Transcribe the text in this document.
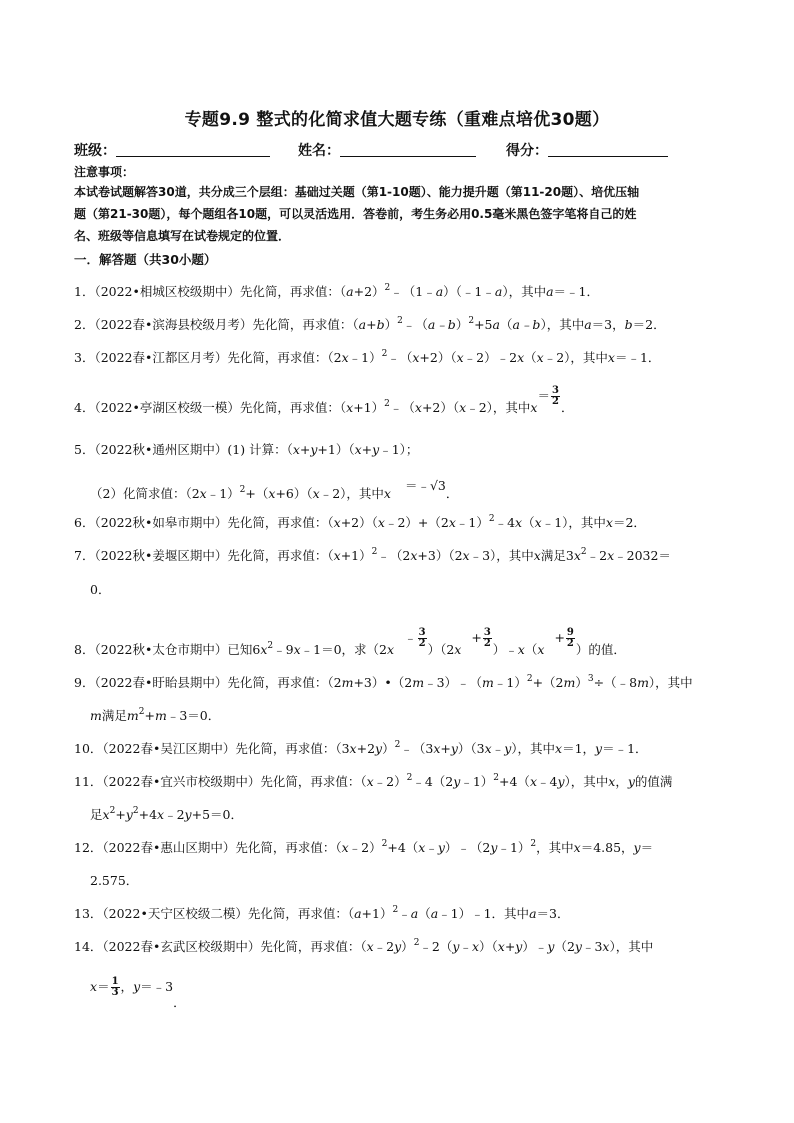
专题9.9 整式的化简求值大题专练（重难点培优30题）
班级：	姓名：	得分：
注意事项：
本试卷试题解答30道，共分成三个层组：基础过关题（第1-10题）、能力提升题（第11-20题）、培优压轴
题（第21-30题），每个题组各10题，可以灵活选用．答卷前，考生务必用0.5毫米黑色签字笔将自己的姓
名、班级等信息填写在试卷规定的位置．
一．解答题（共30小题）
1．（2022•相城区校级期中）先化简，再求值：$(a+2)^2﹣(1﹣a)(﹣1﹣a)$，其中a＝﹣1．
2．（2022春•滨海县校级月考）先化简，再求值：$(a+b)^2﹣(a﹣b)^2+5a(a﹣b)$，其中a＝3，b＝2．
3．（2022春•江都区月考）先化简，再求值：（2x﹣1）$^2$﹣（x+2）（x﹣2）﹣2x（x﹣2），其中x＝﹣1．
4．（2022•亭湖区校级一模）先化简，再求值：$(x+1)^2﹣(x+2)(x﹣2)$，其中$x= \frac{3}{2}$
．
5．（2022秋•通州区期中）(1) 计算：（x+y+1）（x+y﹣1）；
（2）化简求值：（2x﹣1）$^2$+（x+6）（x﹣2），其中x＝﹣√3．
6．（2022秋•如皋市期中）先化简，再求值：（x+2）（x﹣2）+（2x﹣1）$^2$﹣4x（x﹣1），其中x＝2．
7．（2022秋•姜堰区期中）先化简，再求值：$(x+1)^2﹣(2x+3)(2x﹣3)$，其中x满足$3x^2﹣2x﹣2032=$
0．
8．（2022秋•太仓市期中）已知$6x^2﹣9x﹣1=0$，求（2x﹣ $\frac{3}{2}$
）（$2x+ \frac{3}{2}$
）﹣x（x+ $\frac{9}{2}$
）的值．
9．（2022春•盱眙县期中）先化简，再求值：$(2m+3)•(2m﹣3)﹣(m﹣1)^2+(2m)^3\div(﹣8m)$，其中
m满足$m^2+m﹣3=0$．
10．（2022春•吴江区期中）先化简，再求值：$(3x+2y)^2﹣(3x+y)(3x﹣y)$，其中x＝1，y＝﹣1．
11．（2022春•宜兴市校级期中）先化简，再求值：（x﹣2）$^2$﹣4（2y﹣1）$^2$+4（x﹣4y），其中x，y的值满
足$x^2+y^2+4x﹣2y+5=0$．
12．（2022春•惠山区期中）先化简，再求值：（x﹣2）$^2$+4（x﹣y）﹣（2y﹣1）$^2$，其中x＝4.85，y＝
2.575．
13．（2022•天宁区校级二模）先化简，再求值：$(a+1)^2﹣a(a﹣1)﹣1$．其中a＝3．
14．（2022春•玄武区校级期中）先化简，再求值：（x﹣2y）$^2$﹣2（y﹣x）（x+y）﹣y（2y﹣3x），其中
$x= \frac{1}{3}$ ，y＝﹣3．
